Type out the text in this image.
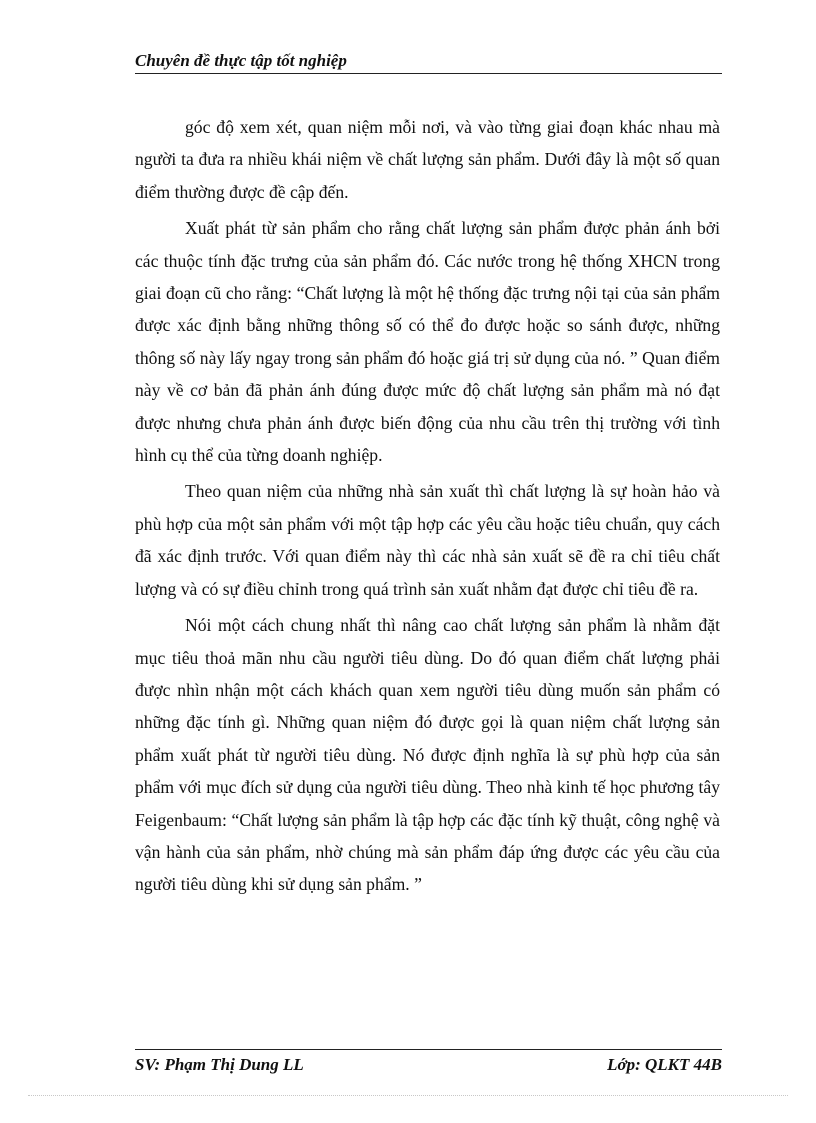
Chuyên đề thực tập tốt nghiệp

góc độ xem xét, quan niệm mỗi nơi, và vào từng giai đoạn khác nhau mà người ta đưa ra nhiều khái niệm về chất lượng sản phẩm. Dưới đây là một số quan điểm thường được đề cập đến.

Xuất phát từ sản phẩm cho rằng chất lượng sản phẩm được phản ánh bởi các thuộc tính đặc trưng của sản phẩm đó. Các nước trong hệ thống XHCN trong giai đoạn cũ cho rằng: “Chất lượng là một hệ thống đặc trưng nội tại của sản phẩm được xác định bằng những thông số có thể đo được hoặc so sánh được, những thông số này lấy ngay trong sản phẩm đó hoặc giá trị sử dụng của nó. ” Quan điểm này về cơ bản đã phản ánh đúng được mức độ chất lượng sản phẩm mà nó đạt được nhưng chưa phản ánh được biến động của nhu cầu trên thị trường với tình hình cụ thể của từng doanh nghiệp.

Theo quan niệm của những nhà sản xuất thì chất lượng là sự hoàn hảo và phù hợp của một sản phẩm với một tập hợp các yêu cầu hoặc tiêu chuẩn, quy cách đã xác định trước. Với quan điểm này thì các nhà sản xuất sẽ đề ra chỉ tiêu chất lượng và có sự điều chỉnh trong quá trình sản xuất nhằm đạt được chỉ tiêu đề ra.

Nói một cách chung nhất thì nâng cao chất lượng sản phẩm là nhằm đặt mục tiêu thoả mãn nhu cầu người tiêu dùng. Do đó quan điểm chất lượng phải được nhìn nhận một cách khách quan xem người tiêu dùng muốn sản phẩm có những đặc tính gì. Những quan niệm đó được gọi là quan niệm chất lượng sản phẩm xuất phát từ người tiêu dùng. Nó được định nghĩa là sự phù hợp của sản phẩm với mục đích sử dụng của người tiêu dùng. Theo nhà kinh tế học phương tây Feigenbaum: “Chất lượng sản phẩm là tập hợp các đặc tính kỹ thuật, công nghệ và vận hành của sản phẩm, nhờ chúng mà sản phẩm đáp ứng được các yêu cầu của người tiêu dùng khi sử dụng sản phẩm. ”

SV: Phạm Thị Dung LL	Lớp: QLKT 44B
